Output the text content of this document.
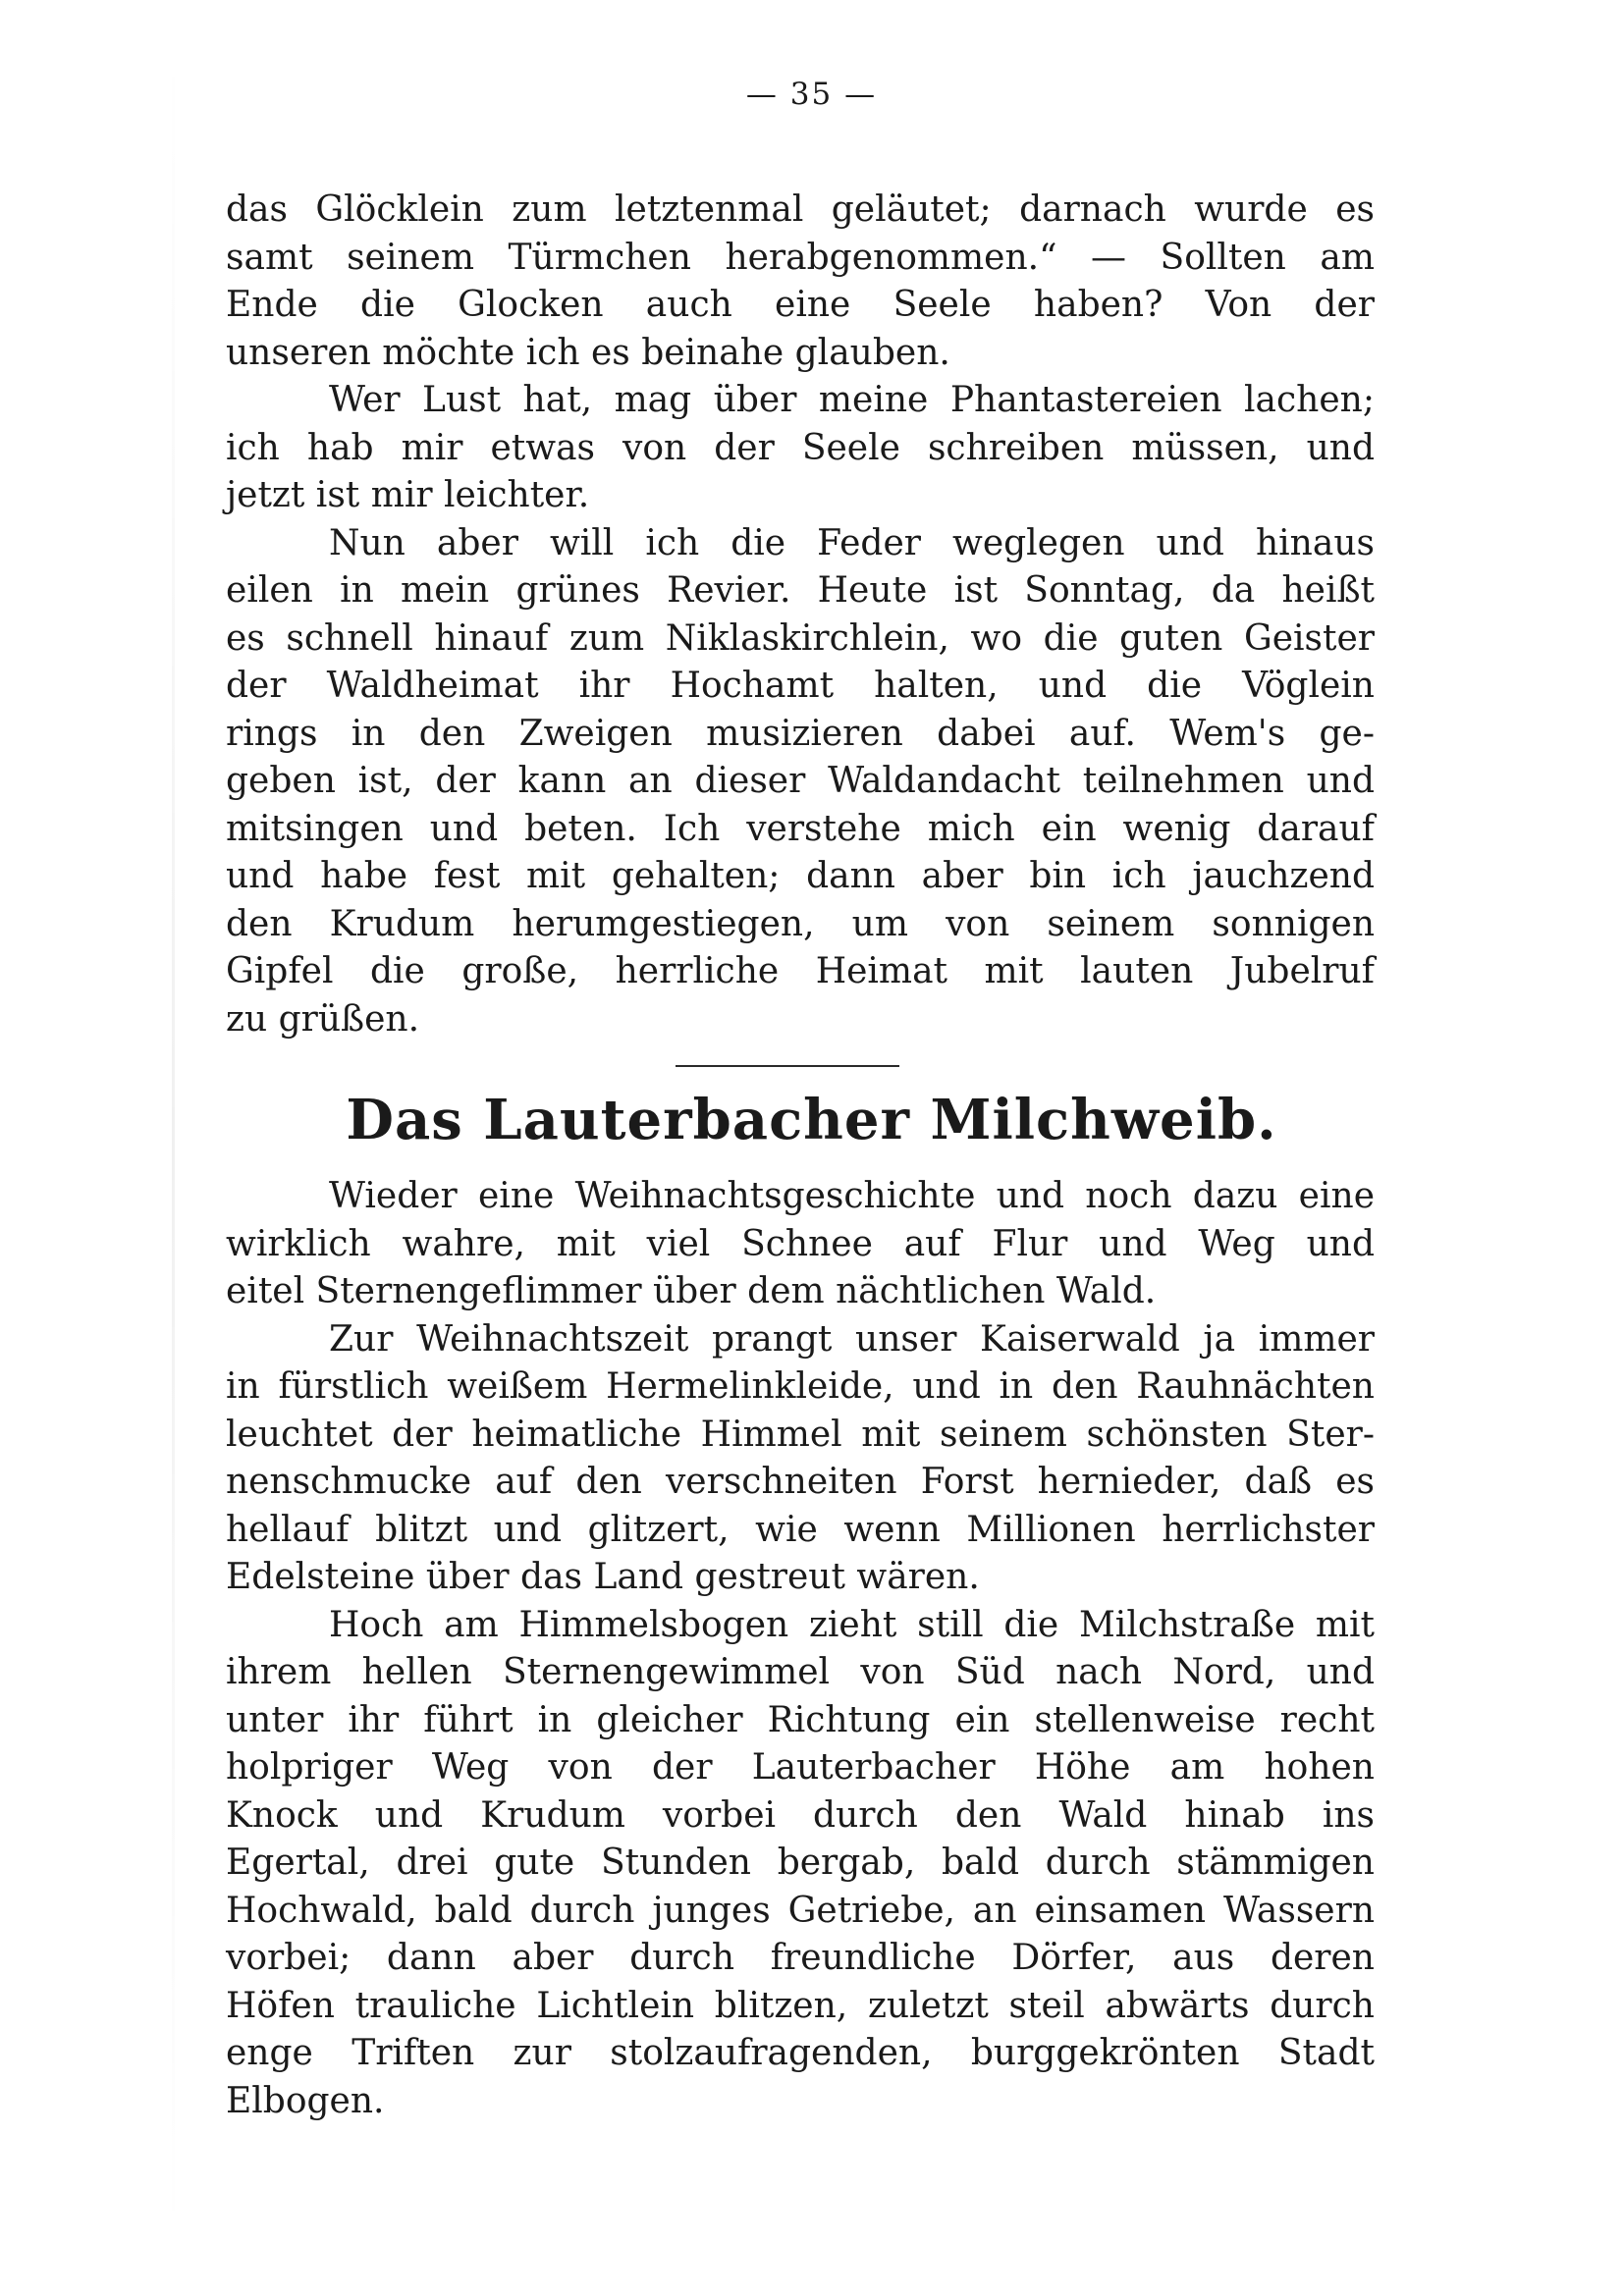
— 35 —
das Glöcklein zum letztenmal geläutet; darnach wurde es
samt seinem Türmchen herabgenommen.“ — Sollten am
Ende die Glocken auch eine Seele haben? Von der
unseren möchte ich es beinahe glauben.
Wer Lust hat, mag über meine Phantastereien lachen;
ich hab mir etwas von der Seele schreiben müssen, und
jetzt ist mir leichter.
Nun aber will ich die Feder weglegen und hinaus
eilen in mein grünes Revier. Heute ist Sonntag, da heißt
es schnell hinauf zum Niklaskirchlein, wo die guten Geister
der Waldheimat ihr Hochamt halten, und die Vöglein
rings in den Zweigen musizieren dabei auf. Wem's ge-
geben ist, der kann an dieser Waldandacht teilnehmen und
mitsingen und beten. Ich verstehe mich ein wenig darauf
und habe fest mit gehalten; dann aber bin ich jauchzend
den Krudum herumgestiegen, um von seinem sonnigen
Gipfel die große, herrliche Heimat mit lauten Jubelruf
zu grüßen.
Das Lauterbacher Milchweib.
Wieder eine Weihnachtsgeschichte und noch dazu eine
wirklich wahre, mit viel Schnee auf Flur und Weg und
eitel Sternengeflimmer über dem nächtlichen Wald.
Zur Weihnachtszeit prangt unser Kaiserwald ja immer
in fürstlich weißem Hermelinkleide, und in den Rauhnächten
leuchtet der heimatliche Himmel mit seinem schönsten Ster-
nenschmucke auf den verschneiten Forst hernieder, daß es
hellauf blitzt und glitzert, wie wenn Millionen herrlichster
Edelsteine über das Land gestreut wären.
Hoch am Himmelsbogen zieht still die Milchstraße mit
ihrem hellen Sternengewimmel von Süd nach Nord, und
unter ihr führt in gleicher Richtung ein stellenweise recht
holpriger Weg von der Lauterbacher Höhe am hohen
Knock und Krudum vorbei durch den Wald hinab ins
Egertal, drei gute Stunden bergab, bald durch stämmigen
Hochwald, bald durch junges Getriebe, an einsamen Wassern
vorbei; dann aber durch freundliche Dörfer, aus deren
Höfen trauliche Lichtlein blitzen, zuletzt steil abwärts durch
enge Triften zur stolzaufragenden, burggekrönten Stadt
Elbogen.
